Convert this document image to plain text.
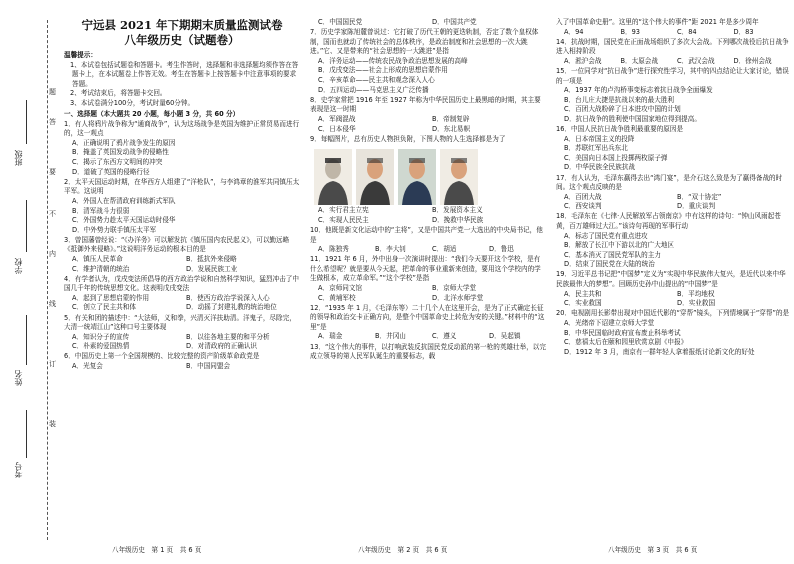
题
答
要
不
内
线
订
装
班级
学校
姓名
考号
宁远县 2021 年下期期末质量监测试卷
八年级历史（试题卷）
温馨提示：
1、本试卷包括试题卷和答题卡。考生作答时，选择题和非选择题均须作答在答题卡上，在本试题卷上作答无效。考生在答题卡上按答题卡中注意事项的要求答题。
2、考试结束后，将答题卡交回。
3、本试卷满分100分，考试时量60分钟。
一、选择题（本大题共 20 小题，每小题 3 分，共 60 分）
1．有人将鸦片战争称为“通商战争”，认为这场战争是英国为维护正常贸易而进行的，这一观点
A．正确说明了鸦片战争发生的原因
B．掩盖了英国发动战争的侵略性
C．揭示了东西方文明间的冲突
D．道破了英国的侵略行径
2．太平天国运动时期，在华西方人组建了“洋枪队”，与李鸿章的淮军共同镇压太平军。这说明
A．外国人在帮清政府训练新式军队
B．清军战斗力很弱
C．外国势力趁太平天国运动时侵华
D．中外势力联手镇压太平军
3．曾国藩曾经说：“《办洋务》可以解发抗《镇压国内农民起义》，可以勤远略《抵御外来侵略》。”这说明洋务运动的根本目的是
A．镇压人民革命	B．抵抗外来侵略
C．维护清朝的统治	D．发展民族工业
4．有学者认为，戊戌变法所倡导的西方政治学说和自然科学知识，猛烈冲击了中国几千年的传统思想文化。这表明戊戌变法
A．起到了思想启蒙的作用	B．使西方政治学说深入人心
C．创立了民主共和体	D．动摇了封建礼教的统治地位
5．有关和团的描述中：“大法师，义和拳，兴清灭洋扶助清。洋鬼子，尽除完，大清一统靖江山”这种口号主要体现
A．知识分子的宣传	B．以往各地主要的和平分析
C．朴素的爱国热情	D．对清政府的正确认识
6．中国历史上第一个全国规模的、比较完整的资产阶级革命政党是
A．光复会	B．中国同盟会
C．中国国民党	D．中国共产党
7．历史学家陈旭麓曾说过：它打破了历代王朝的更迭轨制，否定了数个皇权体制，国而也就动了传统社会的总体秩序，是政治制度和社会思想的一次大跳进。”它、又是带来的“社会思想的一大跳进”是指
A．洋务运动——传统农民战争政治思想发展的高峰
B．戊戌变法——社会上形成的思想启蒙作用
C．辛亥革命——民主共和观念深入人心
D．五四运动——马克思主义广泛传播
8．史学家常把 1916 年至 1927 年称为中华民国历史上最黑暗的时期，其主要表现是这一时期
A．军阀混战	B．帝制复辟
C．日本侵华	D．东北易帜
9．每幅图片，总有历史人物担负附，下图人物的人生选择都是为了
A．实行君主立宪	B．发展资本主义
C．实现人民民主	D．挽救中华民族
10．他既是新文化运动中的“主将”，又是中国共产党一大选出的中央局书记，他是
A．陈独秀	B．李大钊	C．胡适	D．鲁迅
11．1921 年 6 月，外中出身一次演讲时提出：“我们今天要开这个学校，是有什么希望呢？就是要从今天起，把革命的事业重新来创造，要用这个学校内的学生做根本，成立革命军。”“这个学校”是指
A．京师同文馆	B．京师大学堂
C．黄埔军校	D．北洋水师学堂
12．“1935 年 1 月，《毛泽东等）二十几个人在这里开会，是为了正式确定长征的领导和政治交卡正确方向，是整个中国革命史上转危为安的关键。”材料中的“这里”是
A．瑞金	B．井冈山	C．遵义	D．吴起镇
13．“这个伟大的事件，以打响武装反抗国民党反动派的第一枪的英雄壮举，以完成立领导的第人民军队诞生的重要标志，载
入了中国革命史册”。这里的“这个伟大的事件”距 2021 年是多少周年
A．94	B．93	C．84	D．83
14．抗战时期，国民党在正面战场组织了多次大会战。下列哪次战役后抗日战争进入相持阶段
A．淞沪会战	B．太原会战	C．武汉会战	D．徐州会战
15．一位同学对“抗日战争”进行探究性学习，其中的四点结论让大家讨论，错误的一项是
A．1937 年的卢沟桥事变标志着抗日战争全面爆发
B．台儿庄大捷是抗战以来的最大胜利
C．百团大战粉碎了日本进攻中国的计划
D．抗日战争的胜利使中国国家地位得到提高。
16．中国人民抗日战争胜利最重要的原因是
A．日本帝国主义的投降
B．苏联红军出兵东北
C．美国向日本国上投掷两枚原子弹
D．中华民族全民族抗战
17．有人认为，毛泽东赢得去出“鸿门宴”，是介石这么致是为了赢得备战的时间。这个观点反映的是
A．百团大战	B．“双十协定”
C．西安谈判	D．重庆谈判
18．毛泽东在《七律·人民解放军占领南京》中有这样的诗句：“钟山风雨起苍黄，百万雄师过大江。”该诗句再现的军事行动
A．标志了国民党有重点进攻
B．解放了长江中下游以北的广大地区
C．基本消灭了国民党军队的主力
D．结束了国民党在大陆的统治
19．习近平总书记把“中国梦”定义为“实现中华民族伟大复兴，是近代以来中华民族最伟大的梦想”。回顾历史孙中山提出的“中国梦”是
A．民主共和	B．平均地权
C．实业救国	D．实业救国
20．电视剧用长影带出现对中国近代影的“穿帮”镜头，下列情境属于“穿帮”的是
A．光绪帝下诏建立京师大学堂
B．中华民国临时政府宣布废止科举考试
C．慈禧太后在颐和园里欣赏京剧《申报》
D．1912 年 3 月，南京有一群年轻人拿着报纸讨论新文化的好处
八年级历史　第 1 页　共 6 页	八年级历史　第 2 页　共 6 页	八年级历史　第 3 页　共 6 页
